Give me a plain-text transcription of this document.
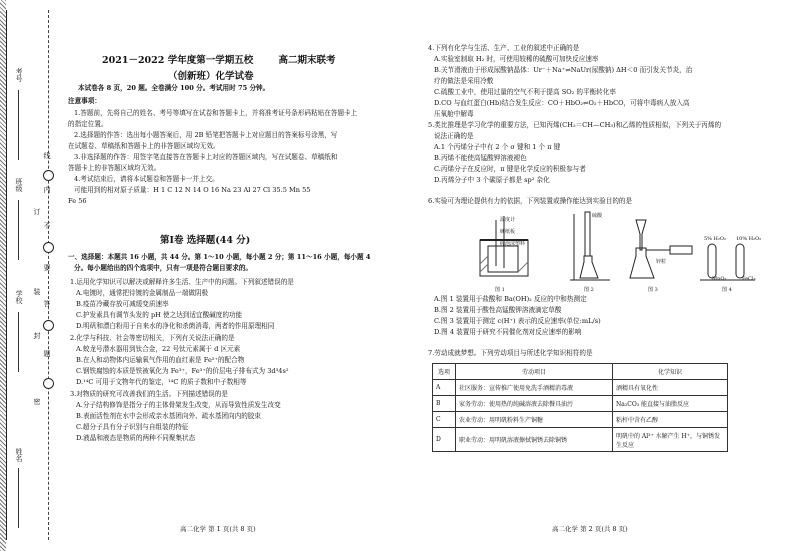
考号
班级
学校
姓名
线
内
不
要
答
题
订
装
封
密
2021－2022 学年度第一学期五校	高二期末联考
（创新班）化学试卷
本试卷各 8 页，20 题。全卷满分 100 分。考试用时 75 分钟。
注意事项：
1.答题前，先将自己的姓名、考号等填写在试卷和答题卡上，并将准考证号条形码粘贴在答题卡上
的指定位置。
2.选择题的作答：选出每小题答案后，用 2B 铅笔把答题卡上对应题目的答案标号涂黑，写
在试题卷、草稿纸和答题卡上的非答题区域均无效。
3.非选择题的作答：用签字笔直接答在答题卡上对应的答题区域内，写在试题卷、草稿纸和
答题卡上的非答题区域均无效。
4.考试结束后，请将本试题卷和答题卡一并上交。
可能用到的相对原子质量：H 1 C 12 N 14 O 16 Na 23 Al 27 Cl 35.5 Mn 55
Fe 56
第Ⅰ卷 选择题(44 分)
一、选择题：本题共 16 小题，共 44 分。第 1～10 小题，每小题 2 分；第 11～16 小题，每小题 4
分。每小题给出的四个选项中，只有一项是符合题目要求的。
1.运用化学知识可以解决或解释许多生活、生产中的问题。下列叙述错误的是
A.电镀时，通常把待镀的金属制品一端做阴极
B.疫苗冷藏存放可减缓变质速率
C.护发素具有调节头发的 pH 使之达到适宜酸碱度的功能
D.明矾和漂白粉用于自来水的净化和杀菌消毒，两者的作用原理相同
2.化学与科技、社会等密切相关，下列有关说法正确的是
A.蛟龙号潜水器用到钛合金，22 号钛元素属于 d 区元素
B.在人和动物体内运输氧气作用的血红素是 Fe²⁺的配合物
C.钢铁腐蚀的本质是铁被氧化为 Fe³⁺，Fe³⁺的价层电子排布式为 3d³4s²
D.¹⁴C 可用于文物年代的鉴定，¹⁴C 的质子数和中子数相等
3.对物质的研究可改善我们的生活。下列描述错误的是
A.分子结构修饰是指分子的主体骨架发生改变，从而导致性质发生改变
B.表面活性剂在水中会形成亲水基团向外、疏水基团向内的胶束
C.超分子具有分子识别与自组装的特征
D.液晶和液态是物质的两种不同聚集状态
高二化学 第 1 页(共 8 页)
4.下列有化学与生活、生产、工业的叙述中正确的是
A.实验室制取 H₂ 时，可使用较稀的硫酸可加快反应速率
B.关节滑液由于形成尿酸钠晶体：Ur⁻＋Na⁺⇌NaUr(尿酸钠) ΔH＜0 而引发关节炎，治
疗的做法是采用冷敷
C.硫酸工业中，使用过量的空气不利于提高 SO₂ 的平衡转化率
D.CO 与血红蛋白(Hb)结合发生反应：CO＋HbO₂⇌O₂＋HbCO，可将中毒病人放入高
压氧舱中解毒
5.类比推理是学习化学的重要方法，已知丙烯(CH₂＝CH—CH₃)和乙烯的性质相似，下列关于丙烯的
说法正确的是
A.1 个丙烯分子中有 2 个 σ 键和 1 个 π 键
B.丙烯不能使高锰酸钾溶液褪色
C.丙烯分子在反应时，π 键是化学反应的积极参与者
D.丙烯分子中 3 个碳原子都是 sp² 杂化
6.实验可为理论提供有力的依据，下列装置或操作能达到实验目的的是
温度计
硬纸板
碎泡沫塑料
图 1
硫酸
图 2
锌粒
图 3
5% H₂O₂ 10% H₂O₂
MnO₂	FeCl₃
图 4
A.图 1 装置用于盐酸和 Ba(OH)₂ 反应的中和热测定
B.图 2 装置用于酸性高锰酸钾溶液滴定草酸
C.图 3 装置用于测定 c(H⁺) 表示的反应速率(单位:mL/s)
D.图 4 装置用于研究不同催化剂对反应速率的影响
7.劳动成就梦想。下列劳动项目与所述化学知识相符的是
选项	劳动项目	化学知识
A	社区服务：宣传推广使用免洗手酒精消毒液	酒精具有氧化性
B	家务劳动：使用热的纯碱溶液去除餐具油污	Na₂CO₃ 能直接与油脂反应
C	农业劳动：用明矾粉料生产铜糖	粘杆中含有乙醇
D	职业劳动：用明矾溶液擦拭铜锈去除铜锈	明矾中的 Al³⁺ 水解产生 H⁺，与铜锈发生反应
高二化学 第 2 页(共 8 页)
